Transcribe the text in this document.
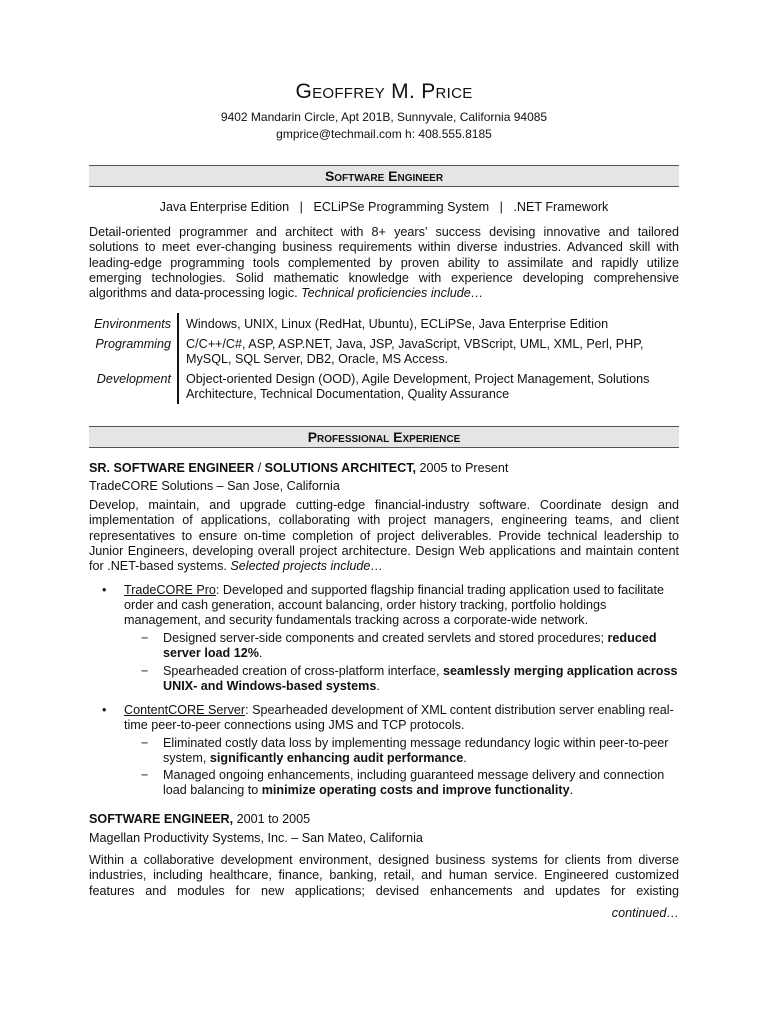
Geoffrey M. Price
9402 Mandarin Circle, Apt 201B, Sunnyvale, California 94085
gmprice@techmail.com h: 408.555.8185
Software Engineer
Java Enterprise Edition   |   ECLiPSe Programming System   |   .NET Framework

Detail-oriented programmer and architect with 8+ years’ success devising innovative and tailored solutions to meet ever-changing business requirements within diverse industries. Advanced skill with leading-edge programming tools complemented by proven ability to assimilate and rapidly utilize emerging technologies. Solid mathematic knowledge with experience developing comprehensive algorithms and data-processing logic. Technical proficiencies include…

Environments Windows, UNIX, Linux (RedHat, Ubuntu), ECLiPSe, Java Enterprise Edition
Programming C/C++/C#, ASP, ASP.NET, Java, JSP, JavaScript, VBScript, UML, XML, Perl, PHP, MySQL, SQL Server, DB2, Oracle, MS Access.
Development Object-oriented Design (OOD), Agile Development, Project Management, Solutions Architecture, Technical Documentation, Quality Assurance
Professional Experience
SR. SOFTWARE ENGINEER / SOLUTIONS ARCHITECT, 2005 to Present
TradeCORE Solutions – San Jose, California

Develop, maintain, and upgrade cutting-edge financial-industry software. Coordinate design and implementation of applications, collaborating with project managers, engineering teams, and client representatives to ensure on-time completion of project deliverables. Provide technical leadership to Junior Engineers, developing overall project architecture. Design Web applications and maintain content for .NET-based systems. Selected projects include…

• TradeCORE Pro: Developed and supported flagship financial trading application used to facilitate order and cash generation, account balancing, order history tracking, portfolio holdings management, and security fundamentals tracking across a corporate-wide network.
− Designed server-side components and created servlets and stored procedures; reduced server load 12%.
− Spearheaded creation of cross-platform interface, seamlessly merging application across UNIX- and Windows-based systems.
• ContentCORE Server: Spearheaded development of XML content distribution server enabling real-time peer-to-peer connections using JMS and TCP protocols.
− Eliminated costly data loss by implementing message redundancy logic within peer-to-peer system, significantly enhancing audit performance.
− Managed ongoing enhancements, including guaranteed message delivery and connection load balancing to minimize operating costs and improve functionality.
SOFTWARE ENGINEER, 2001 to 2005
Magellan Productivity Systems, Inc. – San Mateo, California

Within a collaborative development environment, designed business systems for clients from diverse industries, including healthcare, finance, banking, retail, and human service. Engineered customized features and modules for new applications; devised enhancements and updates for existing

continued…
